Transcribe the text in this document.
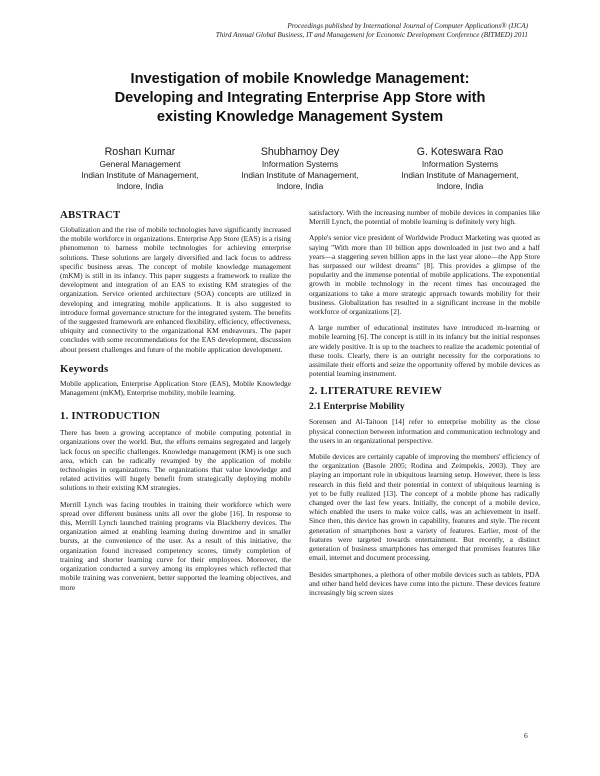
Proceedings published by International Journal of Computer Applications® (IJCA)
Third Annual Global Business, IT and Management for Economic Development Conference (BITMED) 2011
Investigation of mobile Knowledge Management:
Developing and Integrating Enterprise App Store with
existing Knowledge Management System
Roshan Kumar
General Management
Indian Institute of Management,
Indore, India
Shubhamoy Dey
Information Systems
Indian Institute of Management,
Indore, India
G. Koteswara Rao
Information Systems
Indian Institute of Management,
Indore, India
ABSTRACT

Globalization and the rise of mobile technologies have significantly increased the mobile workforce in organizations. Enterprise App Store (EAS) is a rising phenomenon to harness mobile technologies for achieving enterprise solutions. These solutions are largely diversified and lack focus to address specific business areas. The concept of mobile knowledge management (mKM) is still in its infancy. This paper suggests a framework to realize the development and integration of an EAS to existing KM strategies of the organization. Service oriented architecture (SOA) concepts are utilized in developing and integrating mobile applications. It is also suggested to introduce formal governance structure for the integrated system. The benefits of the suggested framework are enhanced flexibility, efficiency, effectiveness, ubiquity and connectivity to the organizational KM endeavours. The paper concludes with some recommendations for the EAS development, discussion about present challenges and future of the mobile application development.

Keywords

Mobile application, Enterprise Application Store (EAS), Mobile Knowledge Management (mKM), Enterprise mobility, mobile learning.

1. INTRODUCTION

There has been a growing acceptance of mobile computing potential in organizations over the world. But, the efforts remains segregated and largely lack focus on specific challenges. Knowledge management (KM) is one such area, which can be radically revamped by the application of mobile technologies in organizations. The organizations that value knowledge and related activities will hugely benefit from strategically deploying mobile solutions to their existing KM strategies.

Merrill Lynch was facing troubles in training their workforce which were spread over different business units all over the globe [16]. In response to this, Merrill Lynch launched training programs via Blackberry devices. The organization aimed at enabling learning during downtime and in smaller bursts, at the convenience of the user. As a result of this initiative, the organization found increased competency scores, timely completion of training and shorter learning curve for their employees. Moreover, the organization conducted a survey among its employees which reflected that mobile training was convenient, better supported the learning objectives, and more

satisfactory. With the increasing number of mobile devices in companies like Merrill Lynch, the potential of mobile learning is definitely very high.

Apple's senior vice president of Worldwide Product Marketing was quoted as saying "With more than 10 billion apps downloaded in just two and a half years—a staggering seven billion apps in the last year alone—the App Store has surpassed our wildest dreams" [8]. This provides a glimpse of the popularity and the immense potential of mobile applications. The exponential growth in mobile technology in the recent times has encouraged the organizations to take a more strategic approach towards mobility for their business. Globalization has resulted in a significant increase in the mobile workforce of organizations [2].

A large number of educational institutes have introduced m-learning or mobile learning [6]. The concept is still in its infancy but the initial responses are widely positive. It is up to the teachers to realize the academic potential of these tools. Clearly, there is an outright necessity for the corporations to assimilate their efforts and seize the opportunity offered by mobile devices as potential learning instrument.

2. LITERATURE REVIEW
2.1 Enterprise Mobility

Sorensen and Al-Taitoon [14] refer to enterprise mobility as the close physical connection between information and communication technology and the users in an organizational perspective.

Mobile devices are certainly capable of improving the members' efficiency of the organization (Basole 2005; Rodina and Zeimpekis, 2003). They are playing an important role in ubiquitous learning setup. However, there is less research in this field and their potential in context of ubiquitous learning is yet to be fully realized [13]. The concept of a mobile phone has radically changed over the last few years. Initially, the concept of a mobile device, which enabled the users to make voice calls, was an achievement in itself. Since then, this device has grown in capability, features and style. The recent generation of smartphones host a variety of features. Earlier, most of the features were targeted towards entertainment. But recently, a distinct generation of business smartphones has emerged that promises features like email, internet and document processing.

Besides smartphones, a plethora of other mobile devices such as tablets, PDA and other hand held devices have come into the picture. These devices feature increasingly big screen sizes

6
